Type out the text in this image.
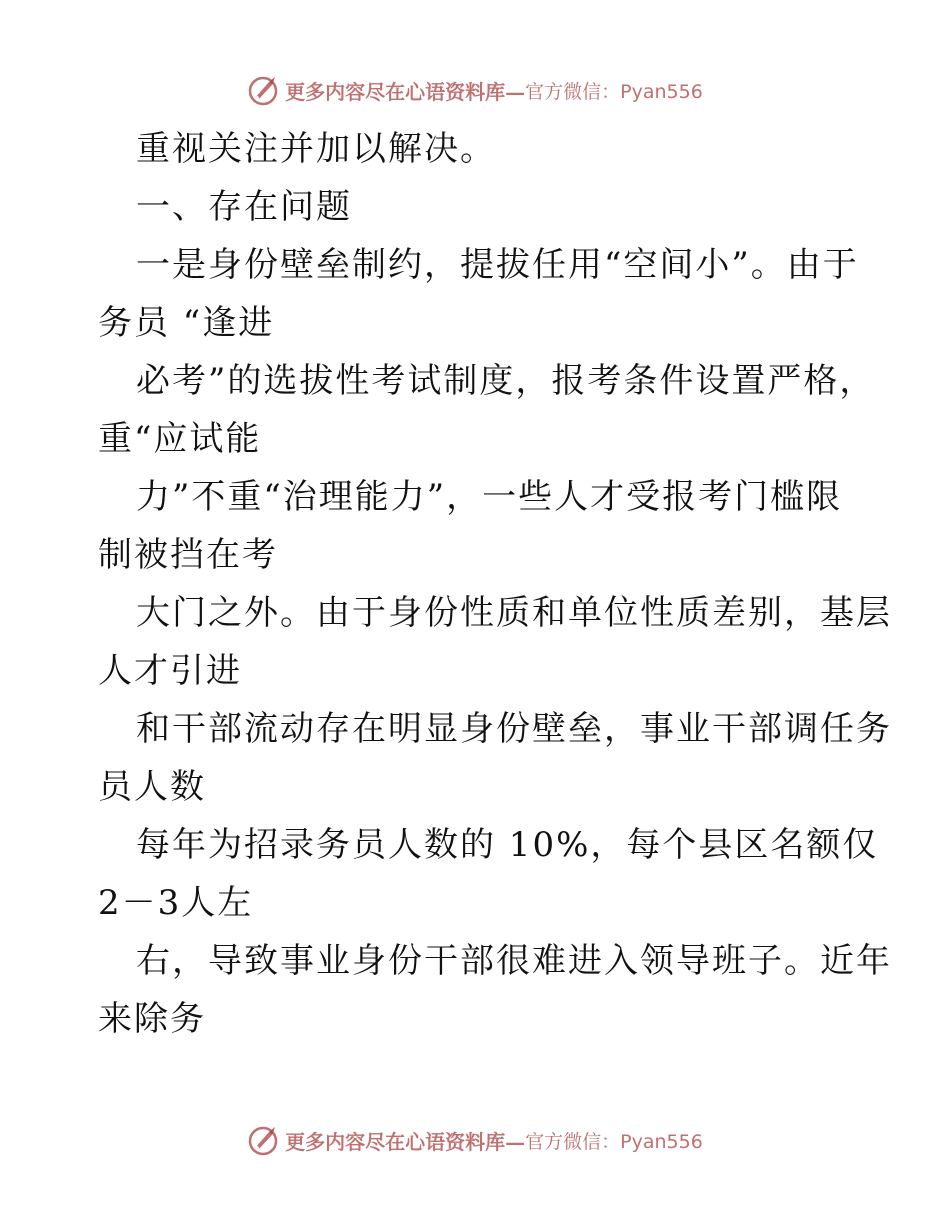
更多内容尽在心语资料库— 官方微信：Pyan556
重视关注并加以解决。
一、存在问题
一是身份壁垒制约，提拔任用“空间小”。由于
务员 “逢进
必考”的选拔性考试制度，报考条件设置严格，
重“应试能
力”不重“治理能力”，一些人才受报考门槛限
制被挡在考
大门之外。由于身份性质和单位性质差别，基层
人才引进
和干部流动存在明显身份壁垒，事业干部调任务
员人数
每年为招录务员人数的 10%，每个县区名额仅
2－3人左
右，导致事业身份干部很难进入领导班子。近年
来除务
更多内容尽在心语资料库— 官方微信：Pyan556
